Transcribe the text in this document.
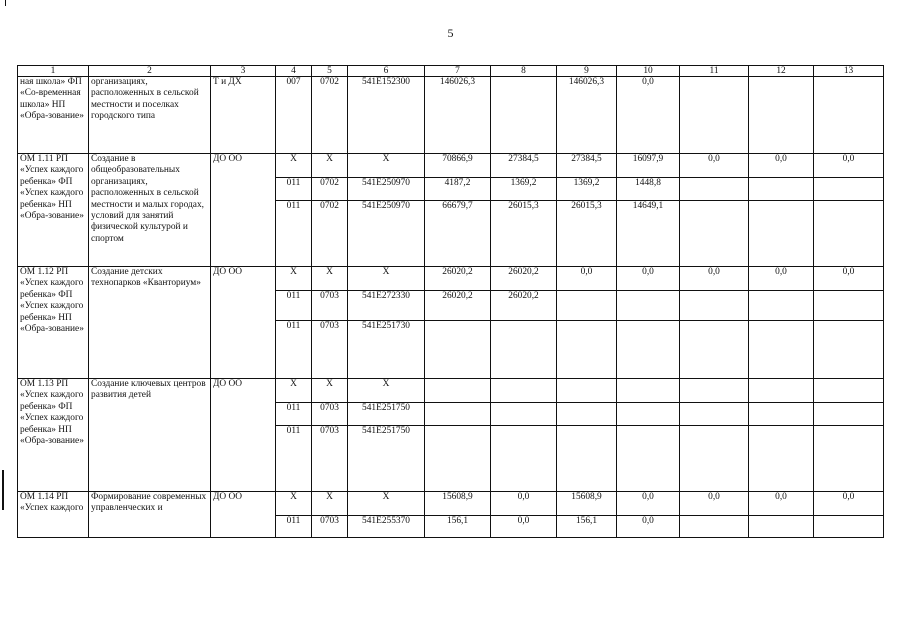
5
1	2	3	4	5	6	7	8	9	10	11	12	13
ная школа» ФП «Со-временная школа» НП «Обра-зование»	организациях, расположенных в сельской местности и поселках городского типа	Т и ДХ	007	0702	541E152300	146026,3		146026,3	0,0			
ОМ 1.11 РП «Успех каждого ребенка» ФП «Успех каждого ребенка» НП «Обра-зование»	Создание в общеобразовательных организациях, расположенных в сельской местности и малых городах, условий для занятий физической культурой и спортом	ДО ОО	Х	Х	Х	70866,9	27384,5	27384,5	16097,9	0,0	0,0	0,0
			011	0702	541E250970	4187,2	1369,2	1369,2	1448,8			
			011	0702	541E250970	66679,7	26015,3	26015,3	14649,1			
ОМ 1.12 РП «Успех каждого ребенка» ФП «Успех каждого ребенка» НП «Обра-зование»	Создание детских технопарков «Кванториум»	ДО ОО	Х	Х	Х	26020,2	26020,2	0,0	0,0	0,0	0,0	0,0
			011	0703	541E272330	26020,2	26020,2					
			011	0703	541E251730							
ОМ 1.13 РП «Успех каждого ребенка» ФП «Успех каждого ребенка» НП «Обра-зование»	Создание ключевых центров развития детей	ДО ОО	Х	Х	Х							
			011	0703	541E251750							
			011	0703	541E251750							
ОМ 1.14 РП «Успех каждого	Формирование современных управленческих и	ДО ОО	Х	Х	Х	15608,9	0,0	15608,9	0,0	0,0	0,0	0,0
			011	0703	541E255370	156,1	0,0	156,1	0,0			
